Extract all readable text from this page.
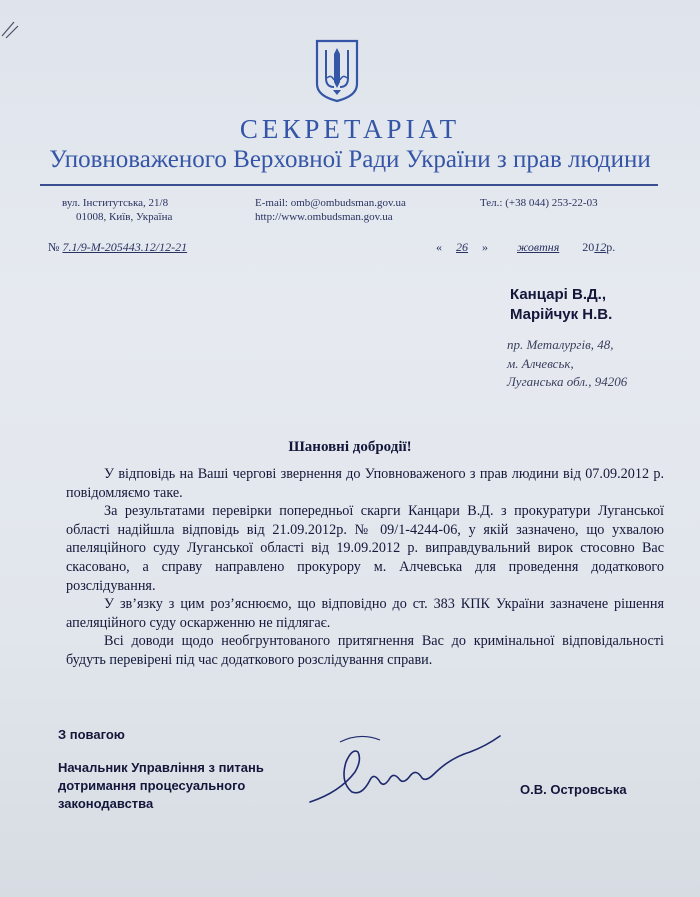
СЕКРЕТАРІАТ
Уповноваженого Верховної Ради України з прав людини
вул. Інститутська, 21/8
01008, Київ, Україна
E-mail: omb@ombudsman.gov.ua
http://www.ombudsman.gov.ua
Тел.: (+38 044) 253-22-03
№ 7.1/9-М-205443.12/12-21	« 26 » жовтня 2012р.
Канцарі В.Д.,
Марійчук Н.В.
пр. Металургів, 48,
м. Алчевськ,
Луганська обл., 94206
Шановні добродії!

У відповідь на Ваші чергові звернення до Уповноваженого з прав людини від 07.09.2012 р. повідомляємо таке.

За результатами перевірки попередньої скарги Канцари В.Д. з прокуратури Луганської області надійшла відповідь від 21.09.2012р. № 09/1-4244-06, у якій зазначено, що ухвалою апеляційного суду Луганської області від 19.09.2012 р. виправдувальний вирок стосовно Вас скасовано, а справу направлено прокурору м. Алчевська для проведення додаткового розслідування.

У зв’язку з цим роз’яснюємо, що відповідно до ст. 383 КПК України зазначене рішення апеляційного суду оскарженню не підлягає.

Всі доводи щодо необгрунтованого притягнення Вас до кримінальної відповідальності будуть перевірені під час додаткового розслідування справи.

З повагою
Начальник Управління з питань
дотримання процесуального
законодавства
О.В. Островська
